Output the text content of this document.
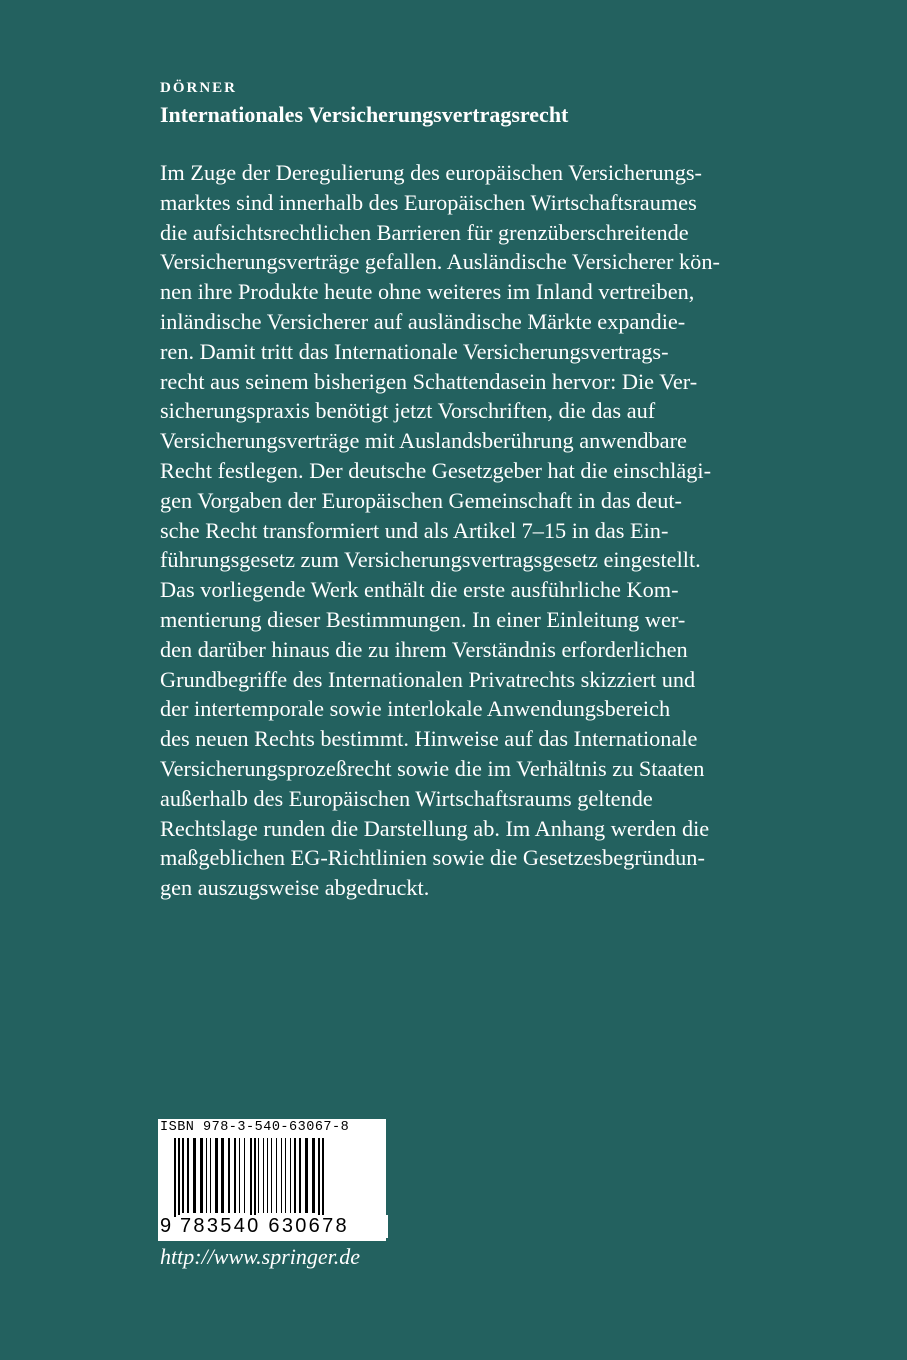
DÖRNER
Internationales Versicherungsvertragsrecht
Im Zuge der Deregulierung des europäischen Versicherungs-
marktes sind innerhalb des Europäischen Wirtschaftsraumes
die aufsichtsrechtlichen Barrieren für grenzüberschreitende
Versicherungsverträge gefallen. Ausländische Versicherer kön-
nen ihre Produkte heute ohne weiteres im Inland vertreiben,
inländische Versicherer auf ausländische Märkte expandie-
ren. Damit tritt das Internationale Versicherungsvertrags-
recht aus seinem bisherigen Schattendasein hervor: Die Ver-
sicherungspraxis benötigt jetzt Vorschriften, die das auf
Versicherungsverträge mit Auslandsberührung anwendbare
Recht festlegen. Der deutsche Gesetzgeber hat die einschlägi-
gen Vorgaben der Europäischen Gemeinschaft in das deut-
sche Recht transformiert und als Artikel 7–15 in das Ein-
führungsgesetz zum Versicherungsvertragsgesetz eingestellt.
Das vorliegende Werk enthält die erste ausführliche Kom-
mentierung dieser Bestimmungen. In einer Einleitung wer-
den darüber hinaus die zu ihrem Verständnis erforderlichen
Grundbegriffe des Internationalen Privatrechts skizziert und
der intertemporale sowie interlokale Anwendungsbereich
des neuen Rechts bestimmt. Hinweise auf das Internationale
Versicherungsprozeßrecht sowie die im Verhältnis zu Staaten
außerhalb des Europäischen Wirtschaftsraums geltende
Rechtslage runden die Darstellung ab. Im Anhang werden die
maßgeblichen EG-Richtlinien sowie die Gesetzesbegründun-
gen auszugsweise abgedruckt.
ISBN 978-3-540-63067-8
9 783540 630678
http://www.springer.de
